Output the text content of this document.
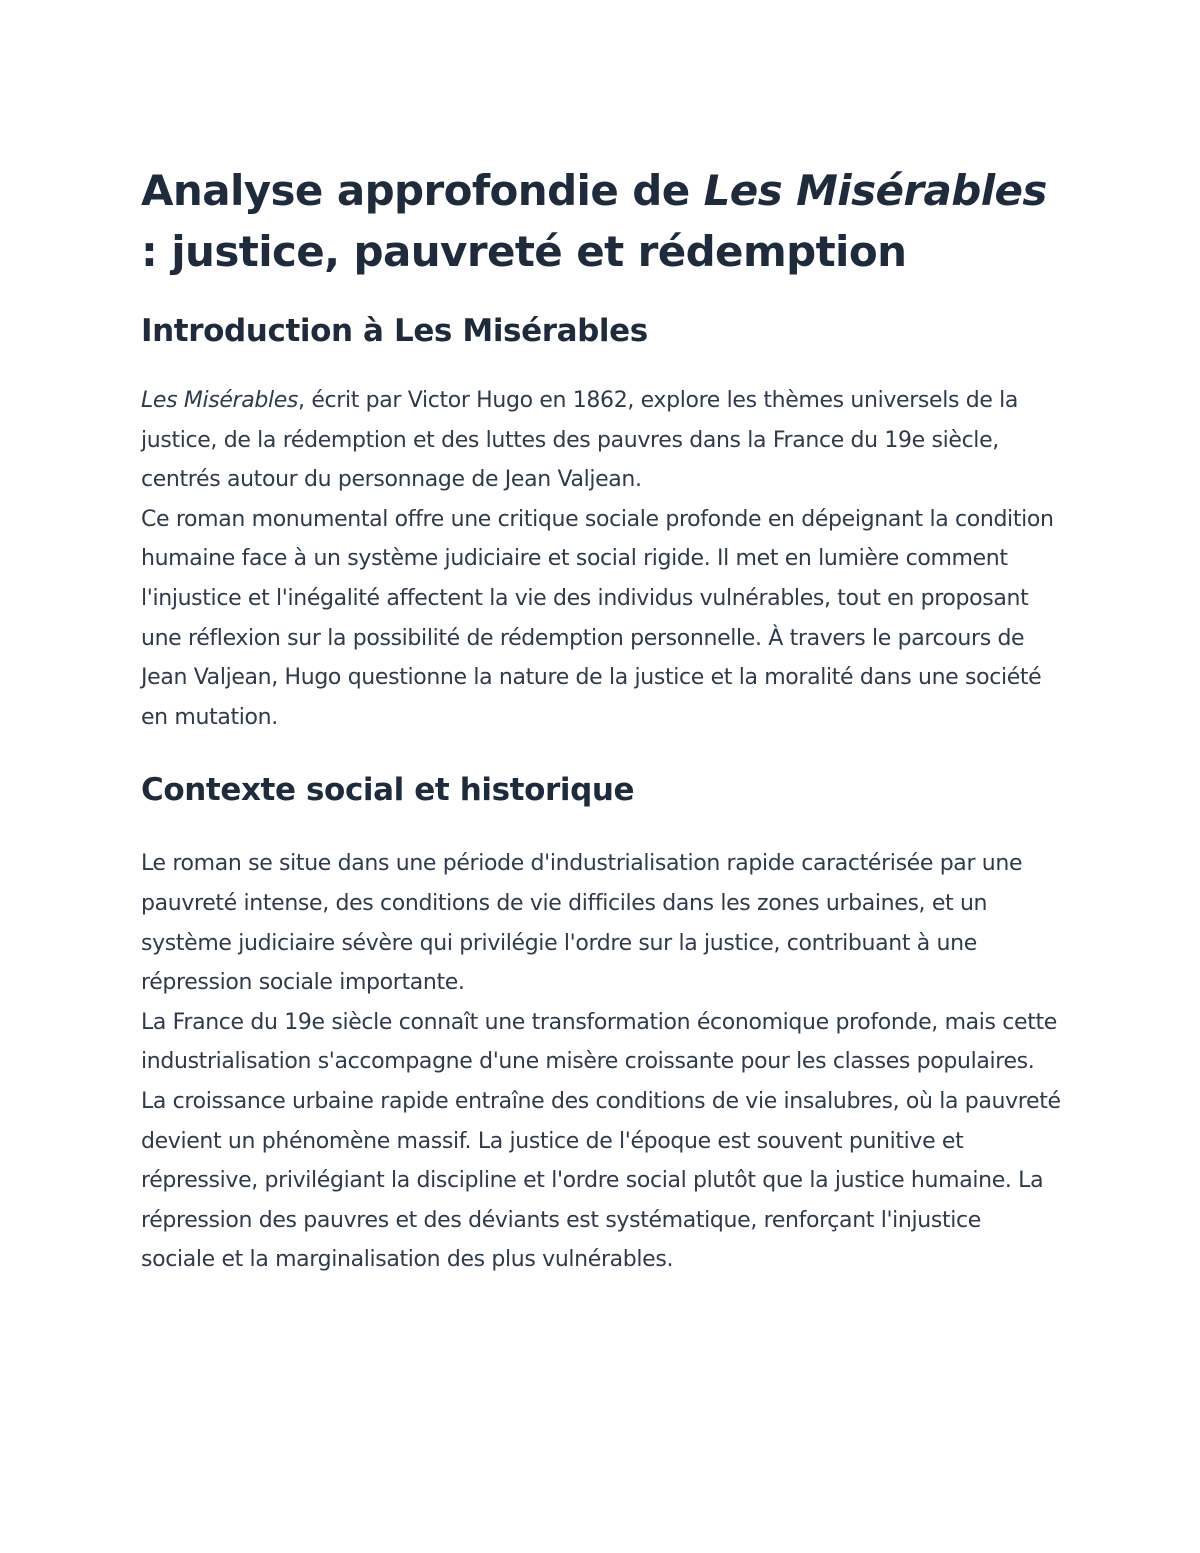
Analyse approfondie de Les Misérables : justice, pauvreté et rédemption
Introduction à Les Misérables

Les Misérables, écrit par Victor Hugo en 1862, explore les thèmes universels de la justice, de la rédemption et des luttes des pauvres dans la France du 19e siècle, centrés autour du personnage de Jean Valjean.

Ce roman monumental offre une critique sociale profonde en dépeignant la condition humaine face à un système judiciaire et social rigide. Il met en lumière comment l'injustice et l'inégalité affectent la vie des individus vulnérables, tout en proposant une réflexion sur la possibilité de rédemption personnelle. À travers le parcours de Jean Valjean, Hugo questionne la nature de la justice et la moralité dans une société en mutation.

Contexte social et historique

Le roman se situe dans une période d'industrialisation rapide caractérisée par une pauvreté intense, des conditions de vie difficiles dans les zones urbaines, et un système judiciaire sévère qui privilégie l'ordre sur la justice, contribuant à une répression sociale importante.

La France du 19e siècle connaît une transformation économique profonde, mais cette industrialisation s'accompagne d'une misère croissante pour les classes populaires. La croissance urbaine rapide entraîne des conditions de vie insalubres, où la pauvreté devient un phénomène massif. La justice de l'époque est souvent punitive et répressive, privilégiant la discipline et l'ordre social plutôt que la justice humaine. La répression des pauvres et des déviants est systématique, renforçant l'injustice sociale et la marginalisation des plus vulnérables.
